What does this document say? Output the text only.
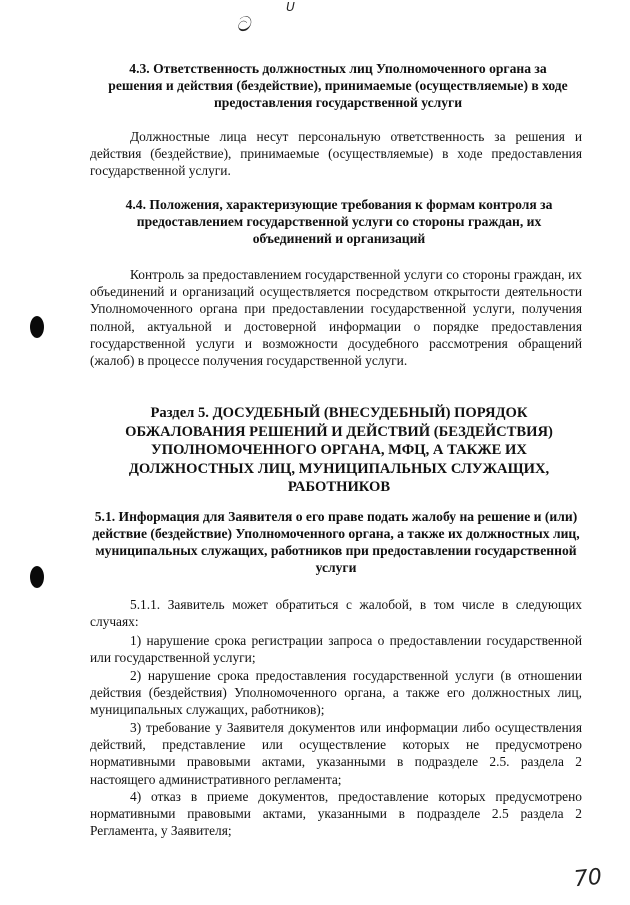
ᑌ
ට

4.3. Ответственность должностных лиц Уполномоченного органа за решения и действия (бездействие), принимаемые (осуществляемые) в ходе предоставления государственной услуги

Должностные лица несут персональную ответственность за решения и действия (бездействие), принимаемые (осуществляемые) в ходе предоставления государственной услуги.

4.4. Положения, характеризующие требования к формам контроля за предоставлением государственной услуги со стороны граждан, их объединений и организаций

Контроль за предоставлением государственной услуги со стороны граждан, их объединений и организаций осуществляется посредством открытости деятельности Уполномоченного органа при предоставлении государственной услуги, получения полной, актуальной и достоверной информации о порядке предоставления государственной услуги и возможности досудебного рассмотрения обращений (жалоб) в процессе получения государственной услуги.

Раздел 5. ДОСУДЕБНЫЙ (ВНЕСУДЕБНЫЙ) ПОРЯДОК ОБЖАЛОВАНИЯ РЕШЕНИЙ И ДЕЙСТВИЙ (БЕЗДЕЙСТВИЯ) УПОЛНОМОЧЕННОГО ОРГАНА, МФЦ, А ТАКЖЕ ИХ ДОЛЖНОСТНЫХ ЛИЦ, МУНИЦИПАЛЬНЫХ СЛУЖАЩИХ, РАБОТНИКОВ

5.1. Информация для Заявителя о его праве подать жалобу на решение и (или) действие (бездействие) Уполномоченного органа, а также их должностных лиц, муниципальных служащих, работников при предоставлении государственной услуги

5.1.1. Заявитель может обратиться с жалобой, в том числе в следующих случаях:

1) нарушение срока регистрации запроса о предоставлении государственной или государственной услуги;

2) нарушение срока предоставления государственной услуги (в отношении действия (бездействия) Уполномоченного органа, а также его должностных лиц, муниципальных служащих, работников);

3) требование у Заявителя документов или информации либо осуществления действий, представление или осуществление которых не предусмотрено нормативными правовыми актами, указанными в подразделе 2.5. раздела 2 настоящего административного регламента;

4) отказ в приеме документов, предоставление которых предусмотрено нормативными правовыми актами, указанными в подразделе 2.5 раздела 2 Регламента, у Заявителя;

70
